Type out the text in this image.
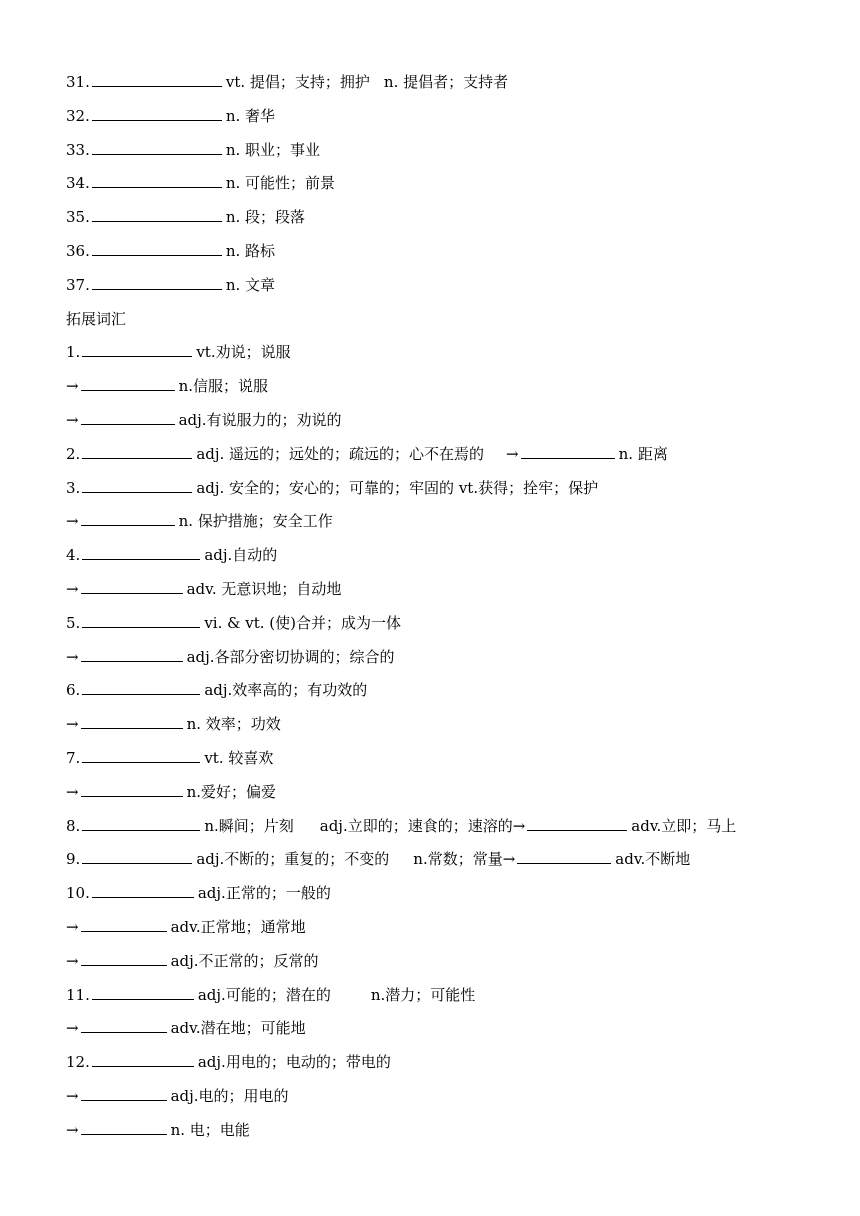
31.	vt. 提倡；支持；拥护 n. 提倡者；支持者
32.	n. 奢华
33.	n. 职业；事业
34.	n. 可能性；前景
35.	n. 段；段落
36.	n. 路标
37.	n. 文章
拓展词汇
1.	vt.劝说；说服
→	n.信服；说服
→	adj.有说服力的；劝说的
2.	adj. 遥远的；远处的；疏远的；心不在焉的 →	n. 距离
3.	adj. 安全的；安心的；可靠的；牢固的 vt.获得；拴牢；保护
→	n. 保护措施；安全工作
4.	adj.自动的
→	adv. 无意识地；自动地
5.	vi. & vt. (使)合并；成为一体
→	adj.各部分密切协调的；综合的
6.	adj.效率高的；有功效的
→	n. 效率；功效
7.	vt. 较喜欢
→	n.爱好；偏爱
8.	n.瞬间；片刻 adj.立即的；速食的；速溶的→	adv.立即；马上
9.	adj.不断的；重复的；不变的 n.常数；常量→	adv.不断地
10.	adj.正常的；一般的
→	adv.正常地；通常地
→	adj.不正常的；反常的
11.	adj.可能的；潜在的	n.潜力；可能性
→	adv.潜在地；可能地
12.	adj.用电的；电动的；带电的
→	adj.电的；用电的
→	n. 电；电能
